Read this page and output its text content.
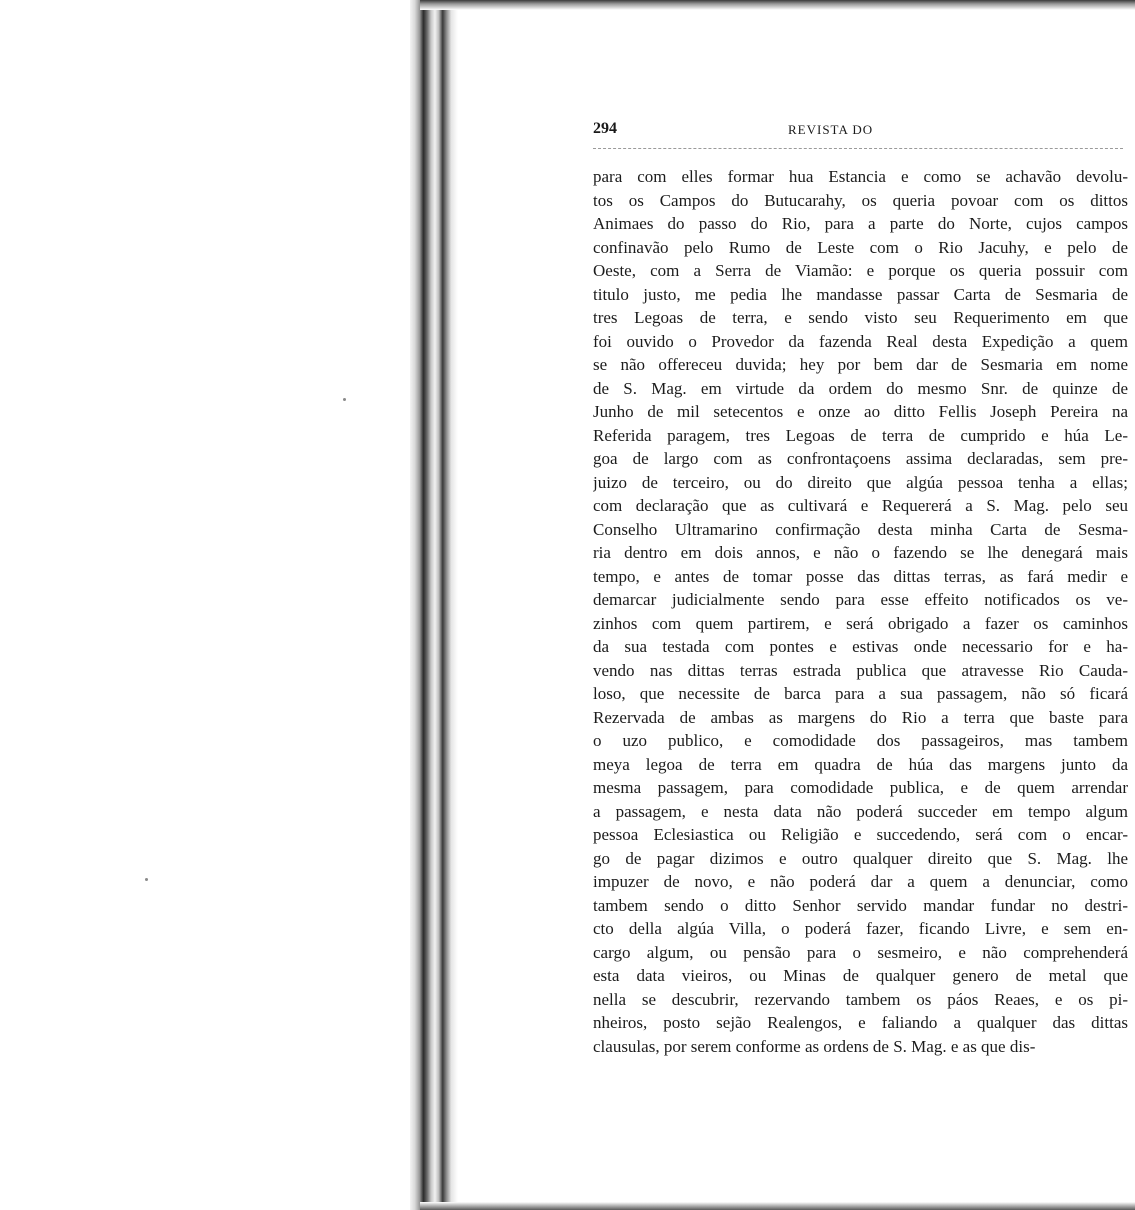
294	REVISTA DO
para com elles formar hua Estancia e como se achavão devolu-
tos os Campos do Butucarahy, os queria povoar com os dittos
Animaes do passo do Rio, para a parte do Norte, cujos campos
confinavão pelo Rumo de Leste com o Rio Jacuhy, e pelo de
Oeste, com a Serra de Viamão: e porque os queria possuir com
titulo justo, me pedia lhe mandasse passar Carta de Sesmaria de
tres Legoas de terra, e sendo visto seu Requerimento em que
foi ouvido o Provedor da fazenda Real desta Expedição a quem
se não offereceu duvida; hey por bem dar de Sesmaria em nome
de S. Mag. em virtude da ordem do mesmo Snr. de quinze de
Junho de mil setecentos e onze ao ditto Fellis Joseph Pereira na
Referida paragem, tres Legoas de terra de cumprido e húa Le-
goa de largo com as confrontaçoens assima declaradas, sem pre-
juizo de terceiro, ou do direito que algúa pessoa tenha a ellas;
com declaração que as cultivará e Requererá a S. Mag. pelo seu
Conselho Ultramarino confirmação desta minha Carta de Sesma-
ria dentro em dois annos, e não o fazendo se lhe denegará mais
tempo, e antes de tomar posse das dittas terras, as fará medir e
demarcar judicialmente sendo para esse effeito notificados os ve-
zinhos com quem partirem, e será obrigado a fazer os caminhos
da sua testada com pontes e estivas onde necessario for e ha-
vendo nas dittas terras estrada publica que atravesse Rio Cauda-
loso, que necessite de barca para a sua passagem, não só ficará
Rezervada de ambas as margens do Rio a terra que baste para
o uzo publico, e comodidade dos passageiros, mas tambem
meya legoa de terra em quadra de húa das margens junto da
mesma passagem, para comodidade publica, e de quem arrendar
a passagem, e nesta data não poderá succeder em tempo algum
pessoa Eclesiastica ou Religião e succedendo, será com o encar-
go de pagar dizimos e outro qualquer direito que S. Mag. lhe
impuzer de novo, e não poderá dar a quem a denunciar, como
tambem sendo o ditto Senhor servido mandar fundar no destri-
cto della algúa Villa, o poderá fazer, ficando Livre, e sem en-
cargo algum, ou pensão para o sesmeiro, e não comprehenderá
esta data vieiros, ou Minas de qualquer genero de metal que
nella se descubrir, rezervando tambem os páos Reaes, e os pi-
nheiros, posto sejão Realengos, e faliando a qualquer das dittas
clausulas, por serem conforme as ordens de S. Mag. e as que dis-
